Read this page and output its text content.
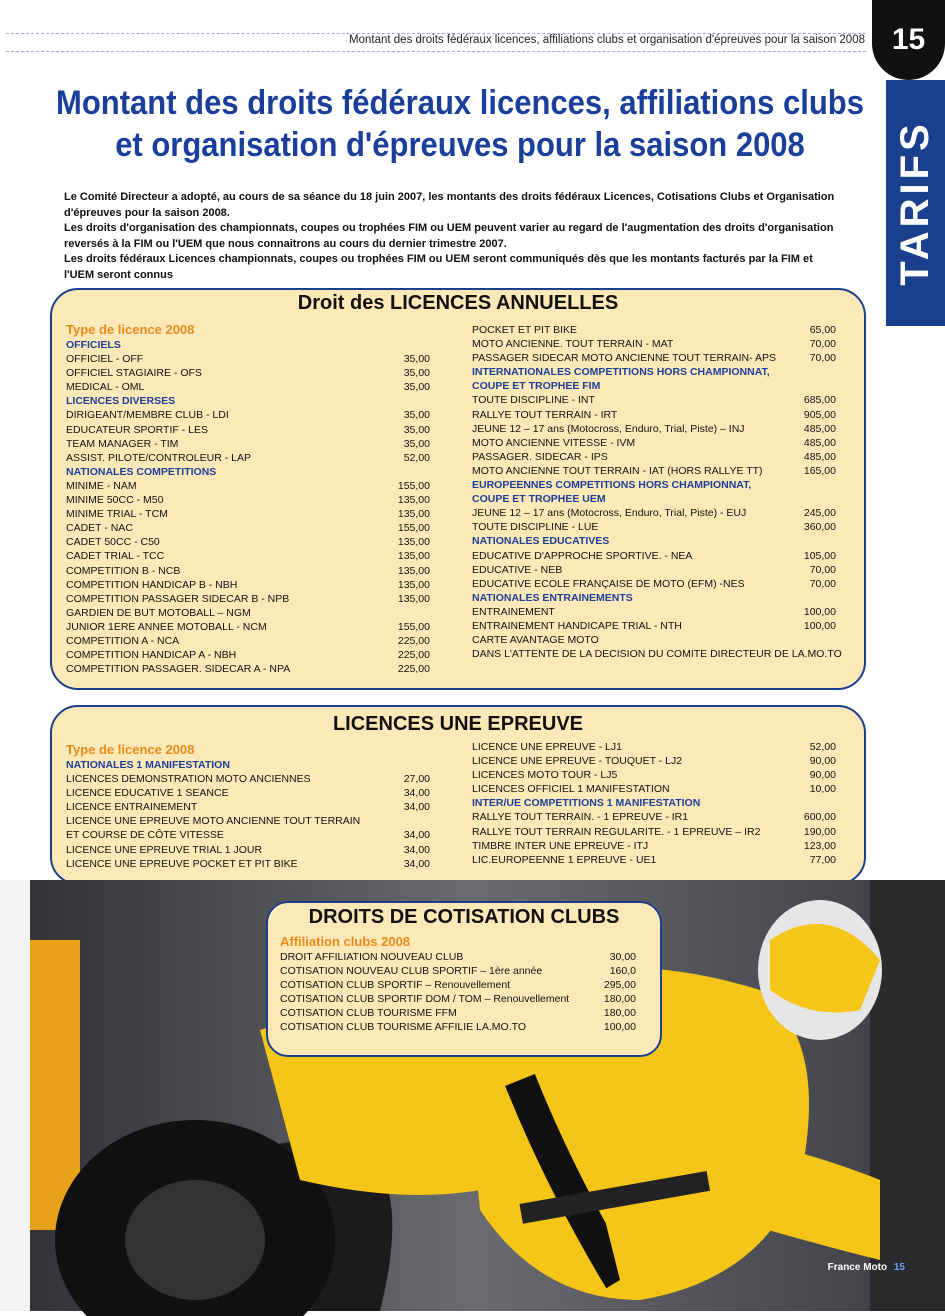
Montant des droits fédéraux licences, affiliations clubs et organisation d'épreuves pour la saison 2008 15
TARIFS
Montant des droits fédéraux licences, affiliations clubs
et organisation d'épreuves pour la saison 2008

Le Comité Directeur a adopté, au cours de sa séance du 18 juin 2007, les montants des droits fédéraux Licences, Cotisations Clubs et Organisation d'épreuves pour la saison 2008.

Les droits d'organisation des championnats, coupes ou trophées FIM ou UEM peuvent varier au regard de l'augmentation des droits d'organisation reversés à la FIM ou l'UEM que nous connaitrons au cours du dernier trimestre 2007.

Les droits fédéraux Licences championnats, coupes ou trophées FIM ou UEM seront communiqués dès que les montants facturés par la FIM et l'UEM seront connus

Droit des LICENCES ANNUELLES
Type de licence 2008
OFFICIELS
OFFICIEL - OFF	35,00
OFFICIEL STAGIAIRE - OFS	35,00
MEDICAL - OML	35,00
LICENCES DIVERSES
DIRIGEANT/MEMBRE CLUB - LDI	35,00
EDUCATEUR SPORTIF - LES	35,00
TEAM MANAGER - TIM	35,00
ASSIST. PILOTE/CONTROLEUR - LAP	52,00
NATIONALES COMPETITIONS
MINIME - NAM	155,00
MINIME 50CC - M50	135,00
MINIME TRIAL - TCM	135,00
CADET - NAC	155,00
CADET 50CC - C50	135,00
CADET TRIAL - TCC	135,00
COMPETITION B - NCB	135,00
COMPETITION HANDICAP B - NBH	135,00
COMPETITION PASSAGER SIDECAR B - NPB	135,00
GARDIEN DE BUT MOTOBALL – NGM
JUNIOR 1ERE ANNEE MOTOBALL - NCM	155,00
COMPETITION A - NCA	225,00
COMPETITION HANDICAP A - NBH	225,00
COMPETITION PASSAGER. SIDECAR A - NPA	225,00
POCKET ET PIT BIKE	65,00
MOTO ANCIENNE. TOUT TERRAIN - MAT	70,00
PASSAGER SIDECAR MOTO ANCIENNE TOUT TERRAIN- APS	70,00
INTERNATIONALES COMPETITIONS HORS CHAMPIONNAT,
COUPE ET TROPHEE FIM
TOUTE DISCIPLINE - INT	685,00
RALLYE TOUT TERRAIN - IRT	905,00
JEUNE 12 – 17 ans (Motocross, Enduro, Trial, Piste) – INJ	485,00
MOTO ANCIENNE VITESSE - IVM	485,00
PASSAGER. SIDECAR - IPS	485,00
MOTO ANCIENNE TOUT TERRAIN - IAT (HORS RALLYE TT)	165,00
EUROPEENNES COMPETITIONS HORS CHAMPIONNAT,
COUPE ET TROPHEE UEM
JEUNE 12 – 17 ans (Motocross, Enduro, Trial, Piste) - EUJ	245,00
TOUTE DISCIPLINE - LUE	360,00
NATIONALES EDUCATIVES
EDUCATIVE D'APPROCHE SPORTIVE. - NEA	105,00
EDUCATIVE - NEB	70,00
EDUCATIVE ECOLE FRANÇAISE DE MOTO (EFM) -NES	70,00
NATIONALES ENTRAINEMENTS
ENTRAINEMENT	100,00
ENTRAINEMENT HANDICAPE TRIAL - NTH	100,00
CARTE AVANTAGE MOTO
DANS L'ATTENTE DE LA DECISION DU COMITE DIRECTEUR DE LA.MO.TO
LICENCES UNE EPREUVE
Type de licence 2008
NATIONALES 1 MANIFESTATION
LICENCES DEMONSTRATION MOTO ANCIENNES	27,00
LICENCE EDUCATIVE 1 SEANCE	34,00
LICENCE ENTRAINEMENT	34,00
LICENCE UNE EPREUVE MOTO ANCIENNE TOUT TERRAIN
ET COURSE DE CÔTE VITESSE	34,00
LICENCE UNE EPREUVE TRIAL 1 JOUR	34,00
LICENCE UNE EPREUVE POCKET ET PIT BIKE	34,00
LICENCE UNE EPREUVE - LJ1	52,00
LICENCE UNE EPREUVE - TOUQUET - LJ2	90,00
LICENCES MOTO TOUR - LJ5	90,00
LICENCES OFFICIEL 1 MANIFESTATION	10,00
INTER/UE COMPETITIONS 1 MANIFESTATION
RALLYE TOUT TERRAIN. - 1 EPREUVE - IR1	600,00
RALLYE TOUT TERRAIN REGULARITE. - 1 EPREUVE – IR2	190,00
TIMBRE INTER UNE EPREUVE - ITJ	123,00
LIC.EUROPEENNE 1 EPREUVE - UE1	77,00
France Moto 15
DROITS DE COTISATION CLUBS
Affiliation clubs 2008
DROIT AFFILIATION NOUVEAU CLUB	30,00
COTISATION NOUVEAU CLUB SPORTIF – 1ère année	160,0
COTISATION CLUB SPORTIF – Renouvellement	295,00
COTISATION CLUB SPORTIF DOM / TOM – Renouvellement	180,00
COTISATION CLUB TOURISME FFM	180,00
COTISATION CLUB TOURISME AFFILIE LA.MO.TO	100,00
